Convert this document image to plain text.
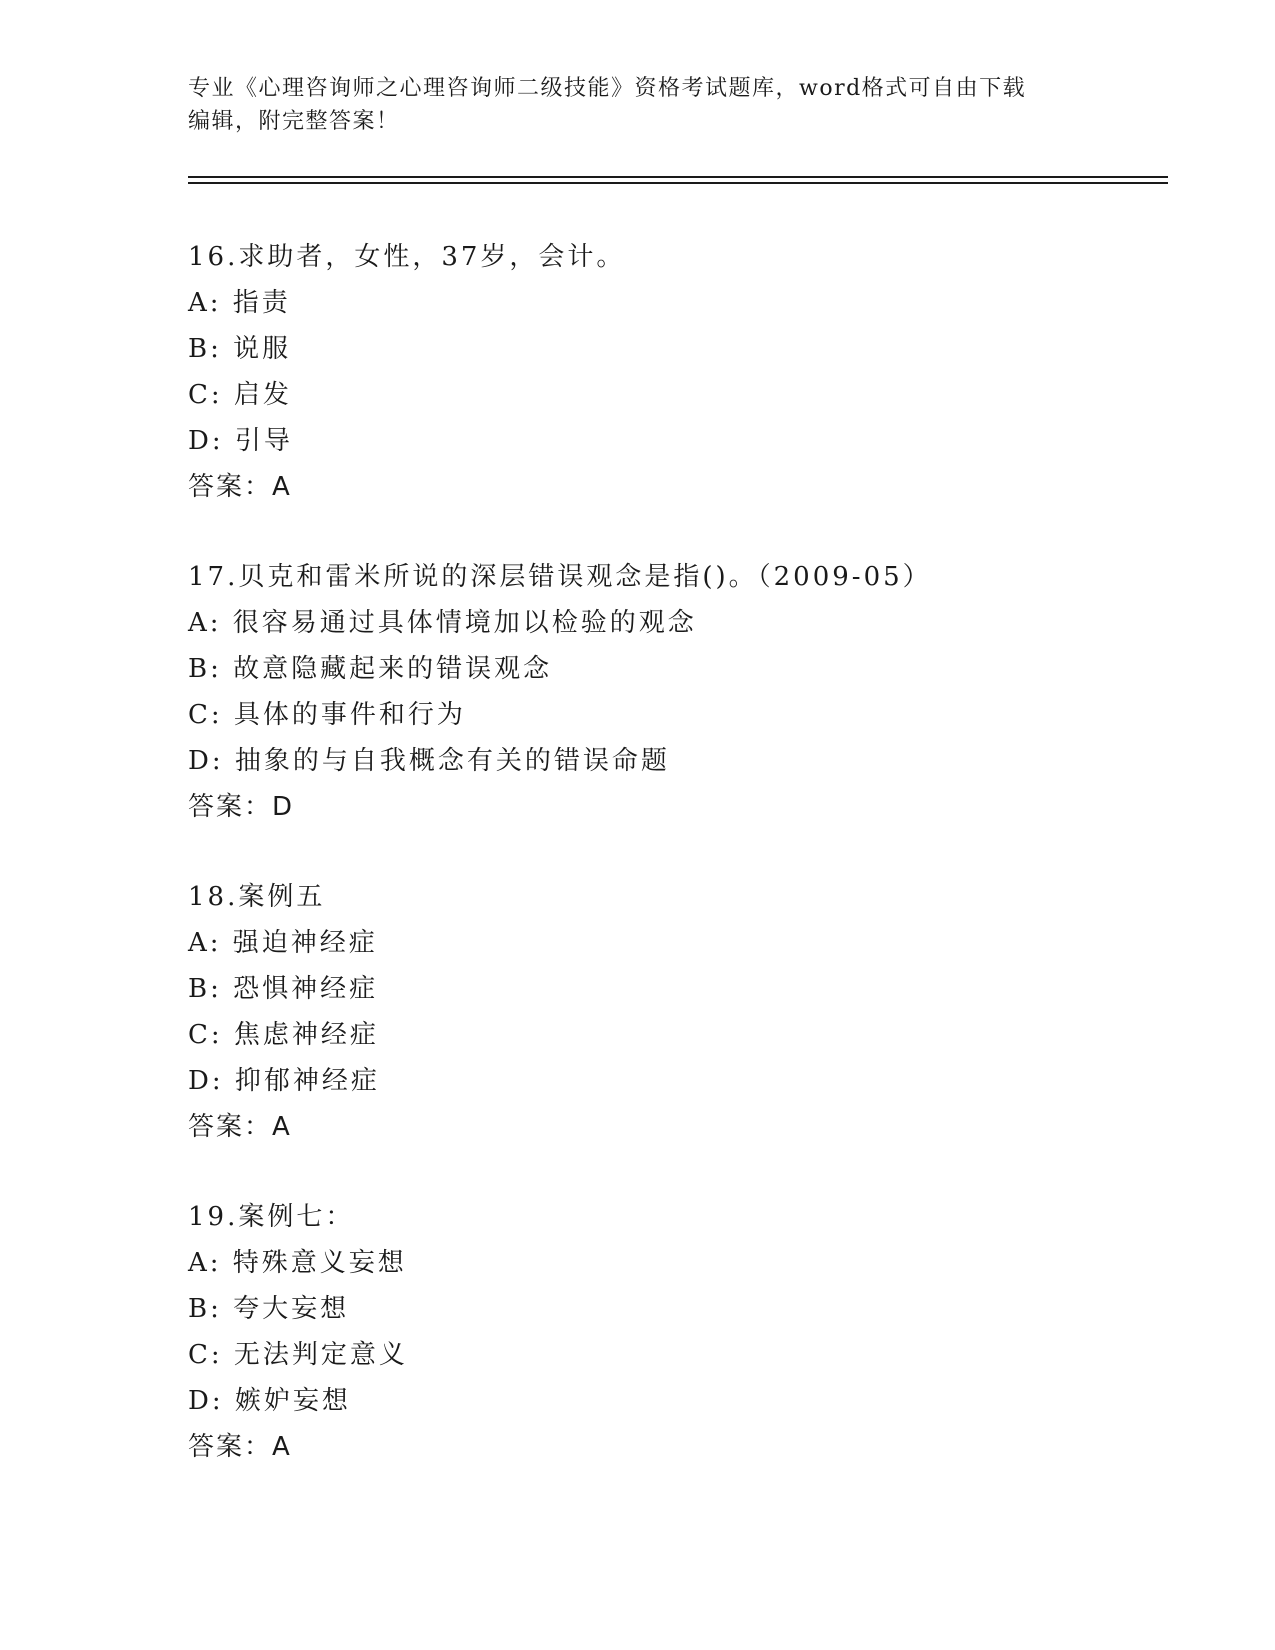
专业《心理咨询师之心理咨询师二级技能》资格考试题库，word格式可自由下载
编辑，附完整答案！
16.求助者，女性，37岁，会计。
A: 指责
B: 说服
C: 启发
D: 引导
答案：A
17.贝克和雷米所说的深层错误观念是指()。（2009-05）
A: 很容易通过具体情境加以检验的观念
B: 故意隐藏起来的错误观念
C: 具体的事件和行为
D: 抽象的与自我概念有关的错误命题
答案：D
18.案例五
A: 强迫神经症
B: 恐惧神经症
C: 焦虑神经症
D: 抑郁神经症
答案：A
19.案例七：
A: 特殊意义妄想
B: 夸大妄想
C: 无法判定意义
D: 嫉妒妄想
答案：A
